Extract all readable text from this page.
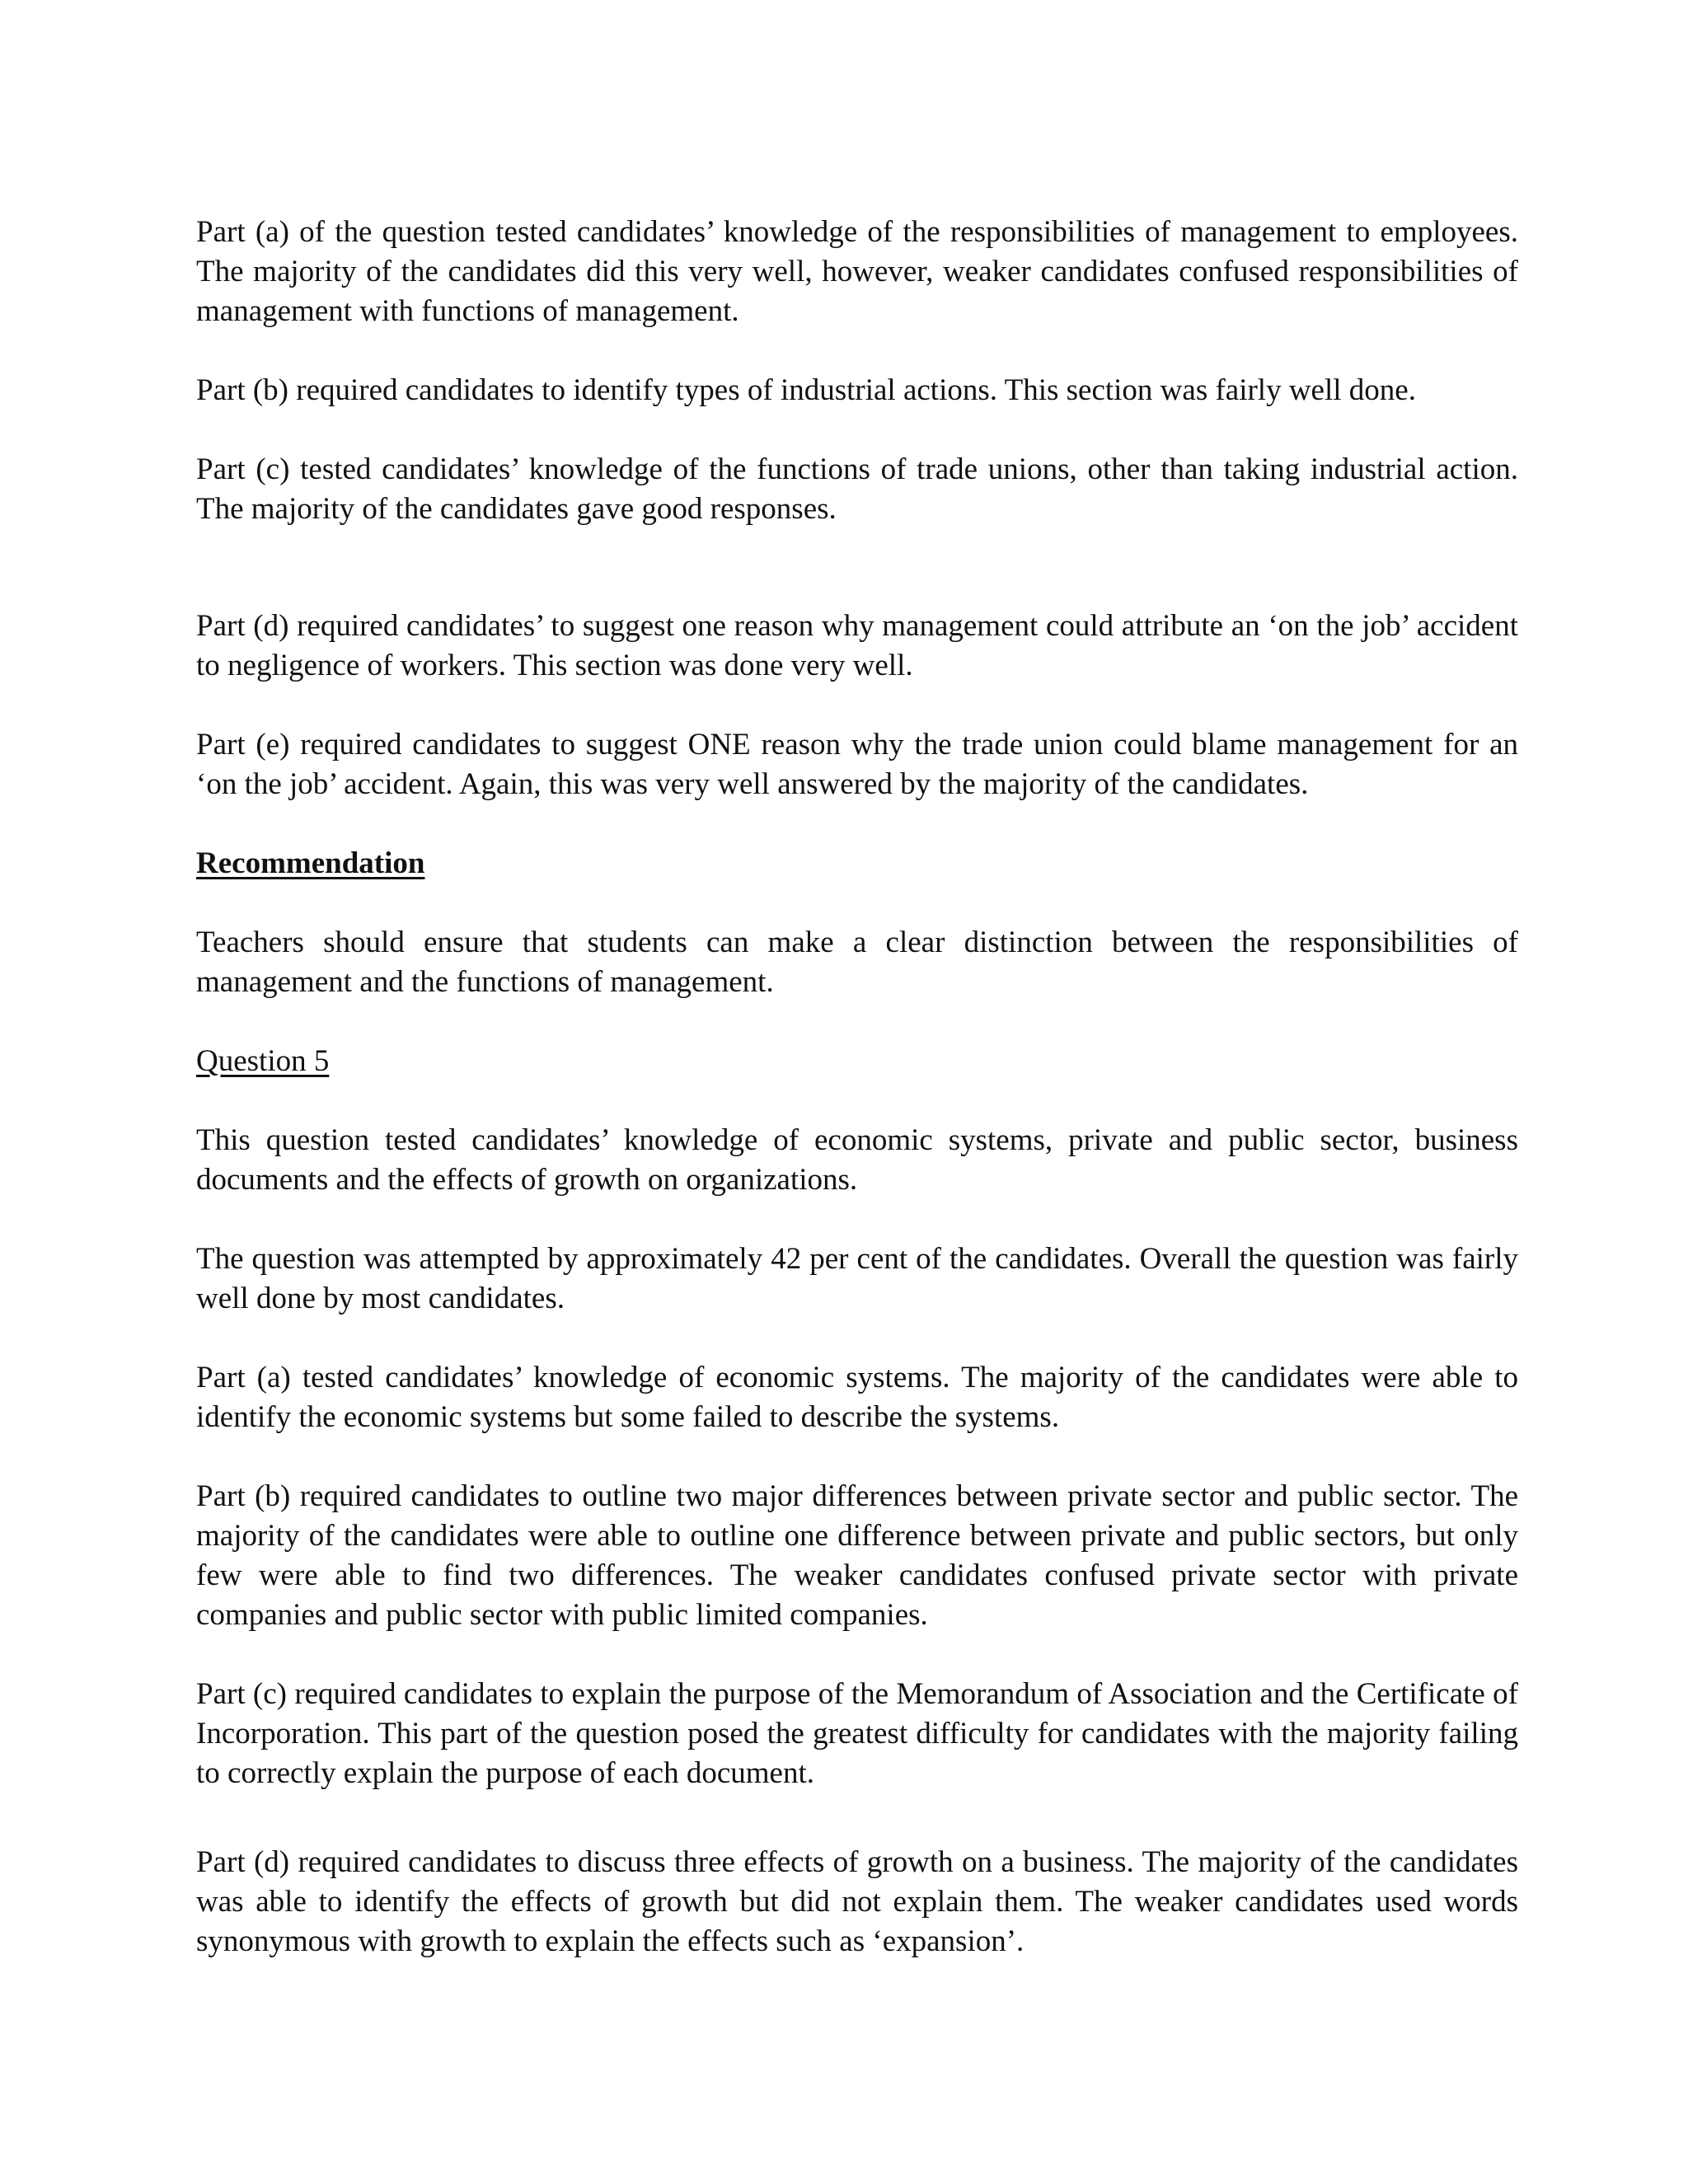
Part (a) of the question tested candidates’ knowledge of the responsibilities of management to employees. The majority of the candidates did this very well, however, weaker candidates confused responsibilities of management with functions of management.

Part (b) required candidates to identify types of industrial actions. This section was fairly well done.

Part (c) tested candidates’ knowledge of the functions of trade unions, other than taking industrial action. The majority of the candidates gave good responses.

Part (d) required candidates’ to suggest one reason why management could attribute an ‘on the job’ accident to negligence of workers. This section was done very well.

Part (e) required candidates to suggest ONE reason why the trade union could blame management for an ‘on the job’ accident. Again, this was very well answered by the majority of the candidates.

Recommendation

Teachers should ensure that students can make a clear distinction between the responsibilities of management and the functions of management.

Question 5

This question tested candidates’ knowledge of economic systems, private and public sector, business documents and the effects of growth on organizations.

The question was attempted by approximately 42 per cent of the candidates. Overall the question was fairly well done by most candidates.

Part (a) tested candidates’ knowledge of economic systems. The majority of the candidates were able to identify the economic systems but some failed to describe the systems.

Part (b) required candidates to outline two major differences between private sector and public sector. The majority of the candidates were able to outline one difference between private and public sectors, but only few were able to find two differences. The weaker candidates confused private sector with private companies and public sector with public limited companies.

Part (c) required candidates to explain the purpose of the Memorandum of Association and the Certificate of Incorporation. This part of the question posed the greatest difficulty for candidates with the majority failing to correctly explain the purpose of each document.

Part (d) required candidates to discuss three effects of growth on a business. The majority of the candidates was able to identify the effects of growth but did not explain them. The weaker candidates used words synonymous with growth to explain the effects such as ‘expansion’.
